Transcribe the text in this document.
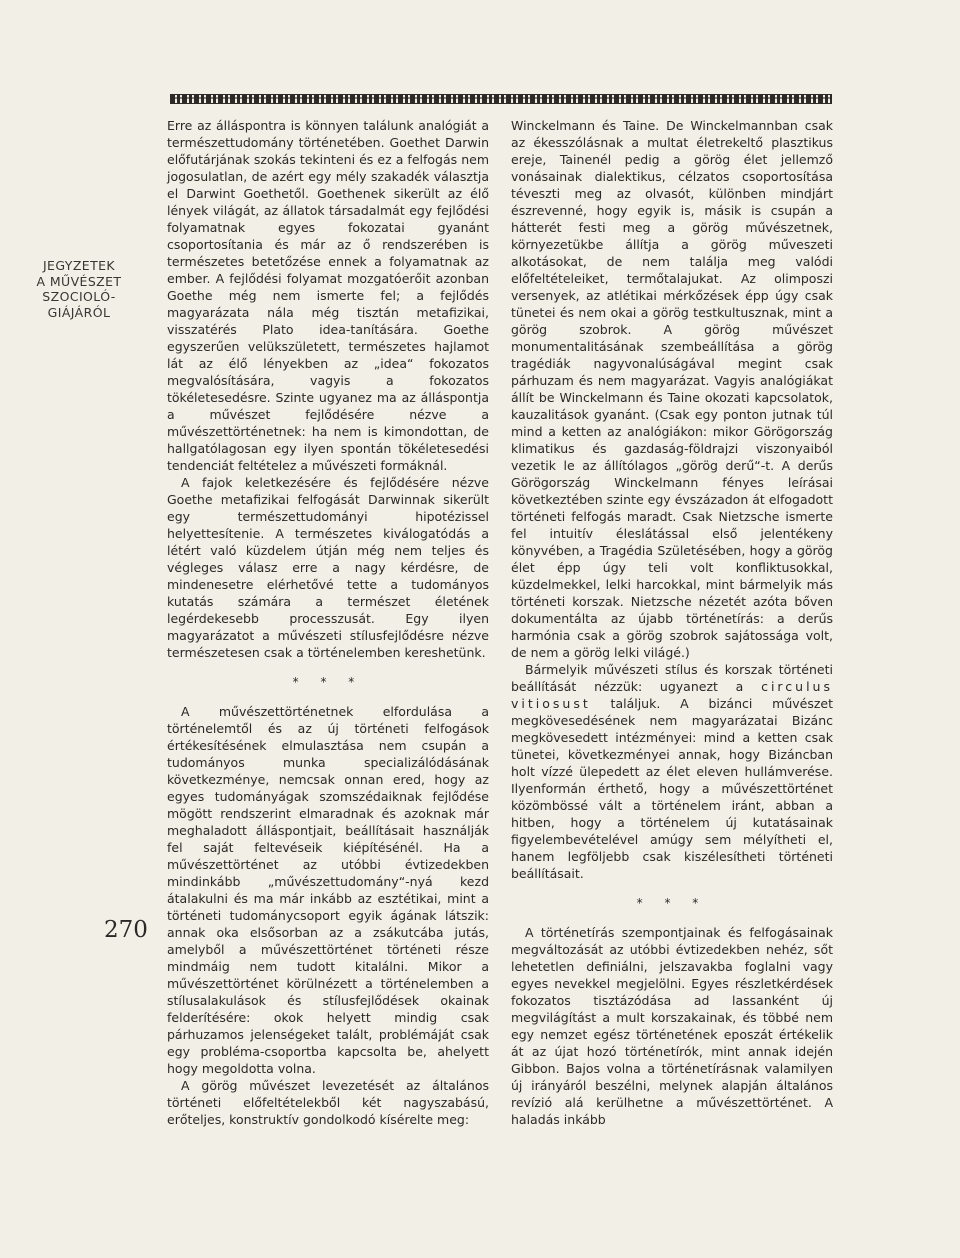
JEGYZETEK
A MŰVÉSZET
SZOCIOLÓ-
GIÁJÁRÓL
270

Erre az álláspontra is könnyen találunk analógiát a természettudomány történetében. Goethet Darwin előfutárjának szokás tekinteni és ez a felfogás nem jogosulatlan, de azért egy mély szakadék választja el Darwint Goethetől. Goethenek sikerült az élő lények világát, az állatok társadalmát egy fejlődési folyamatnak egyes fokozatai gyanánt csoportosítania és már az ő rendszerében is természetes betetőzése ennek a folyamatnak az ember. A fejlődési folyamat mozgatóerőit azonban Goethe még nem ismerte fel; a fejlődés magyarázata nála még tisztán metafizikai, visszatérés Plato idea-tanítására. Goethe egyszerűen velükszületett, természetes hajlamot lát az élő lényekben az „idea“ fokozatos megvalósítására, vagyis a fokozatos tökéletesedésre. Szinte ugyanez ma az álláspontja a művészet fejlődésére nézve a művészettörténetnek: ha nem is kimondottan, de hallgatólagosan egy ilyen spontán tökéletesedési tendenciát feltételez a művészeti formáknál.

A fajok keletkezésére és fejlődésére nézve Goethe metafizikai felfogását Darwinnak sikerült egy természettudományi hipotézissel helyettesítenie. A természetes kiválogatódás a létért való küzdelem útján még nem teljes és végleges válasz erre a nagy kérdésre, de mindenesetre elérhetővé tette a tudományos kutatás számára a természet életének legérdekesebb processzusát. Egy ilyen magyarázatot a művészeti stílusfejlődésre nézve természetesen csak a történelemben kereshetünk.

* * *

A művészettörténetnek elfordulása a történelemtől és az új történeti felfogások értékesítésének elmulasztása nem csupán a tudományos munka specializálódásának következménye, nemcsak onnan ered, hogy az egyes tudományágak szomszédaiknak fejlődése mögött rendszerint elmaradnak és azoknak már meghaladott álláspontjait, beállításait használják fel saját feltevéseik kiépítésénél. Ha a művészettörténet az utóbbi évtizedekben mindinkább „művészettudomány“-nyá kezd átalakulni és ma már inkább az esztétikai, mint a történeti tudománycsoport egyik ágának látszik: annak oka elsősorban az a zsákutcába jutás, amelyből a művészettörténet történeti része mindmáig nem tudott kitalálni. Mikor a művészettörténet körülnézett a történelemben a stílusalakulások és stílusfejlődések okainak felderítésére: okok helyett mindig csak párhuzamos jelenségeket talált, problémáját csak egy probléma-csoportba kapcsolta be, ahelyett hogy megoldotta volna.

A görög művészet levezetését az általános történeti előfeltételekből két nagyszabású, erőteljes, konstruktív gondolkodó kísérelte meg:

Winckelmann és Taine. De Winckelmannban csak az ékesszólásnak a multat életrekeltő plasztikus ereje, Tainenél pedig a görög élet jellemző vonásainak dialektikus, célzatos csoportosítása téveszti meg az olvasót, különben mindjárt észrevenné, hogy egyik is, másik is csupán a hátterét festi meg a görög művészetnek, környezetükbe állítja a görög műveszeti alkotásokat, de nem találja meg valódi előfeltételeiket, termőtalajukat. Az olimposzi versenyek, az atlétikai mérkőzések épp úgy csak tünetei és nem okai a görög testkultusznak, mint a görög szobrok. A görög művészet monumentalitásának szembeállítása a görög tragédiák nagyvonalúságával megint csak párhuzam és nem magyarázat. Vagyis analógiákat állít be Winckelmann és Taine okozati kapcsolatok, kauzalitások gyanánt. (Csak egy ponton jutnak túl mind a ketten az analógiákon: mikor Görögország klimatikus és gazdaság-földrajzi viszonyaiból vezetik le az állítólagos „görög derű“-t. A derűs Görögország Winckelmann fényes leírásai következtében szinte egy évszázadon át elfogadott történeti felfogás maradt. Csak Nietzsche ismerte fel intuitív éleslátással első jelentékeny könyvében, a Tragédia Születésében, hogy a görög élet épp úgy teli volt konfliktusokkal, küzdelmekkel, lelki harcokkal, mint bármelyik más történeti korszak. Nietzsche nézetét azóta bőven dokumentálta az újabb történetírás: a derűs harmónia csak a görög szobrok sajátossága volt, de nem a görög lelki világé.)

Bármelyik művészeti stílus és korszak történeti beállítását nézzük: ugyanezt a circulus vitiosust találjuk. A bizánci művészet megkövesedésének nem magyarázatai Bizánc megkövesedett intézményei: mind a ketten csak tünetei, következményei annak, hogy Bizáncban holt vízzé ülepedett az élet eleven hullámverése. Ilyenformán érthető, hogy a művészettörténet közömbössé vált a történelem iránt, abban a hitben, hogy a történelem új kutatásainak figyelembevételével amúgy sem mélyítheti el, hanem legföljebb csak kiszélesítheti történeti beállításait.

* * *

A történetírás szempontjainak és felfogásainak megváltozását az utóbbi évtizedekben nehéz, sőt lehetetlen definiálni, jelszavakba foglalni vagy egyes nevekkel megjelölni. Egyes részletkérdések fokozatos tisztázódása ad lassanként új megvilágítást a mult korszakainak, és többé nem egy nemzet egész történetének eposzát értékelik át az újat hozó történetírók, mint annak idején Gibbon. Bajos volna a történetírásnak valamilyen új irányáról beszélni, melynek alapján általános revízió alá kerülhetne a művészettörténet. A haladás inkább
